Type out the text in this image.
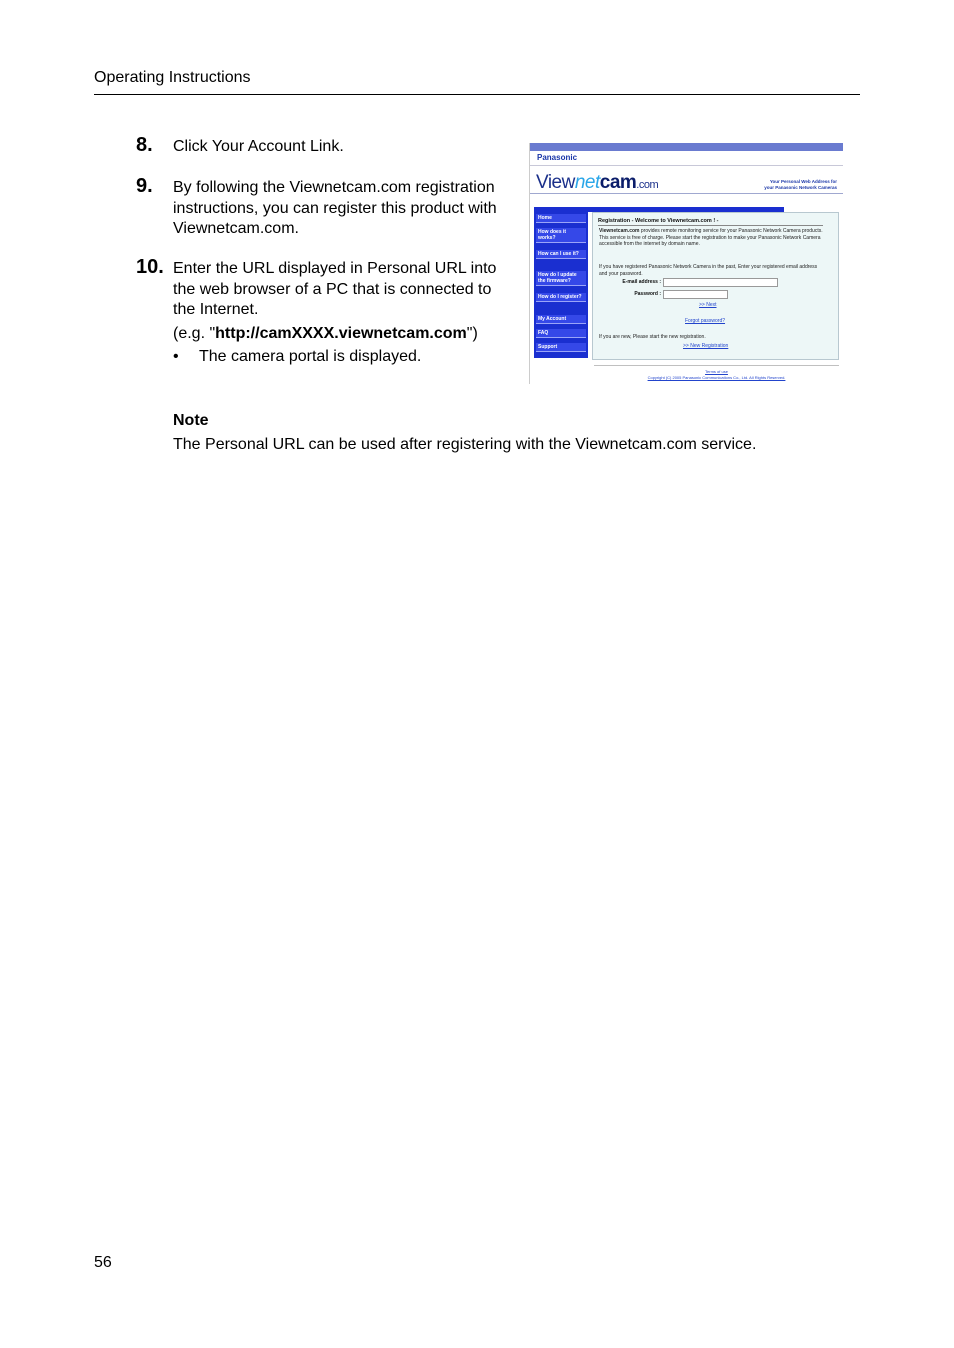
Operating Instructions
8. Click Your Account Link.
9. By following the Viewnetcam.com registration instructions, you can register this product with Viewnetcam.com.
10. Enter the URL displayed in Personal URL into the web browser of a PC that is connected to the Internet.
(e.g. "http://camXXXX.viewnetcam.com")
• The camera portal is displayed.
Panasonic
Viewnetcam.com	Your Personal Web Address for
your Panasonic Network Cameras
Home
How does it works?
How can I use it?
How do I update the firmware?
How do I register?
My Account
FAQ
Support
Registration - Welcome to Viewnetcam.com ! -
Viewnetcam.com provides remote monitoring service for your Panasonic Network Camera products. This service is free of charge. Please start the registration to make your Panasonic Network Camera accessible from the internet by domain name.
If you have registered Panasonic Network Camera in the past, Enter your registered email address and your password.
E-mail address :
Password :
>> Next
Forgot password?
If you are new, Please start the new registration.
>> New Registration
Terms of use
Copyright (C) 2005 Panasonic Communications Co., Ltd. All Rights Reserved.
Note
The Personal URL can be used after registering with the Viewnetcam.com service.
56
